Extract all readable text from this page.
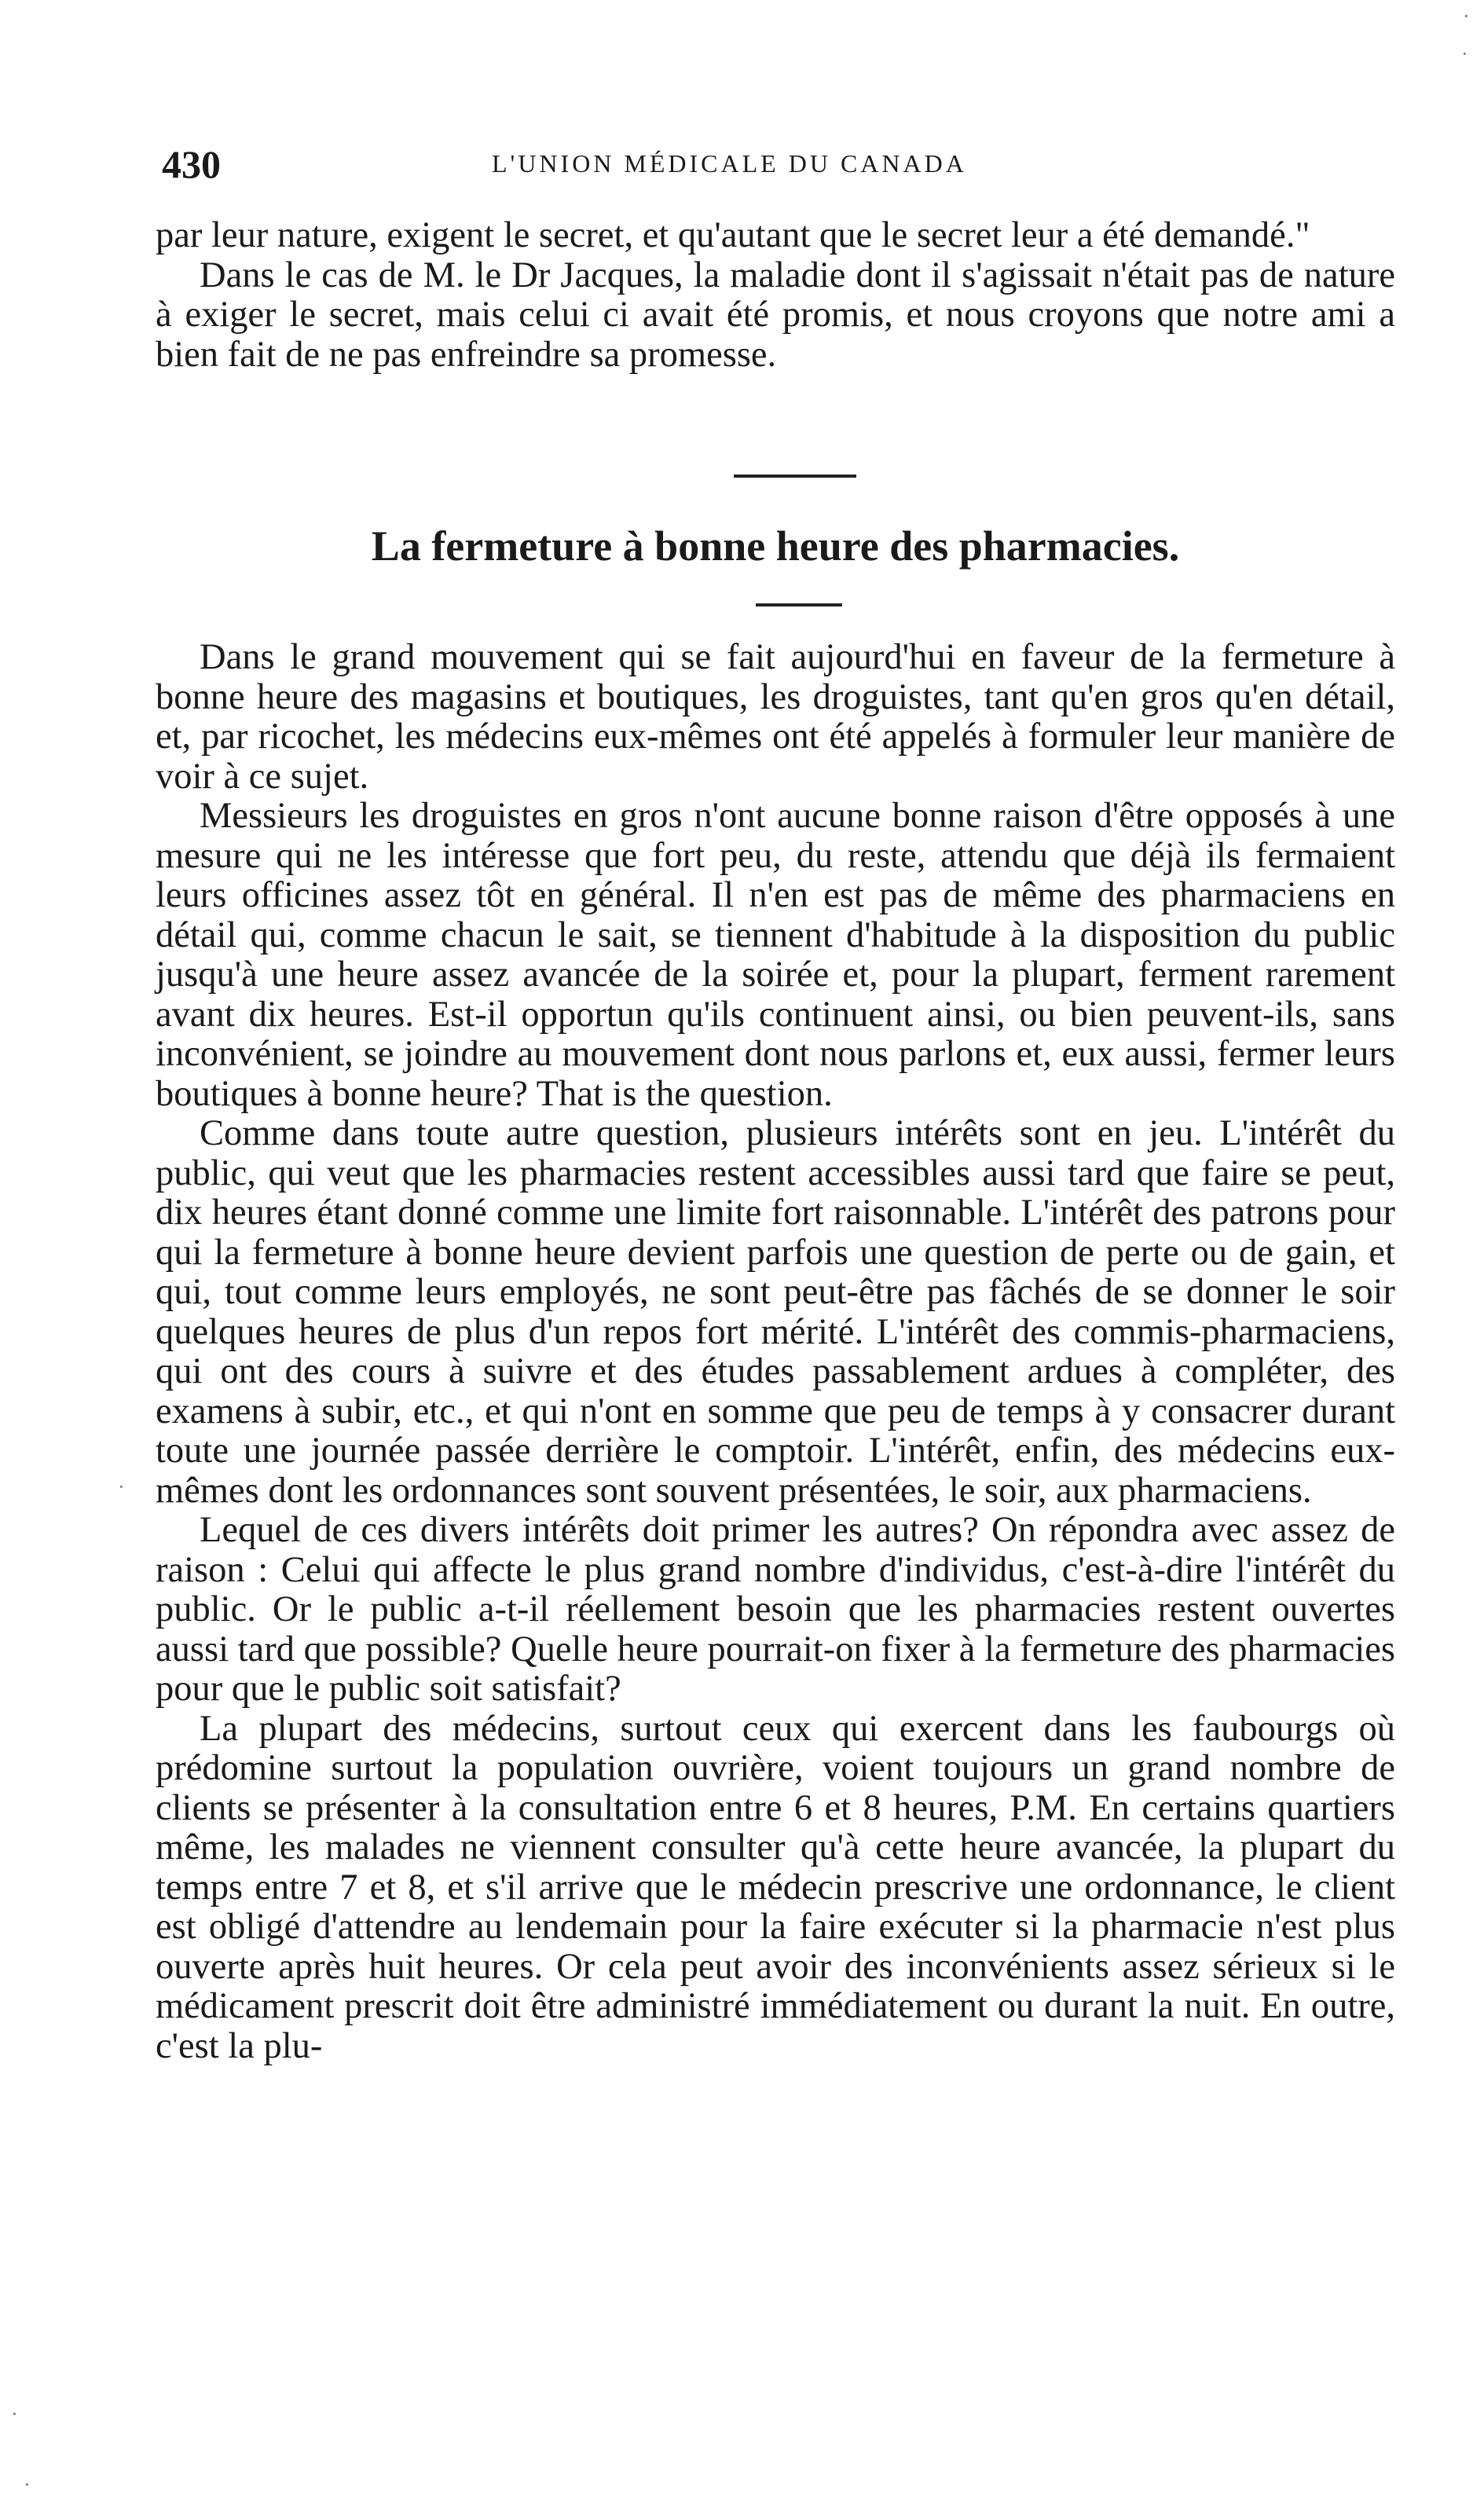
430	L'UNION MÉDICALE DU CANADA

par leur nature, exigent le secret, et qu'autant que le secret leur a été demandé."

Dans le cas de M. le Dr Jacques, la maladie dont il s'agissait n'était pas de nature à exiger le secret, mais celui ci avait été promis, et nous croyons que notre ami a bien fait de ne pas enfreindre sa promesse.

La fermeture à bonne heure des pharmacies.

Dans le grand mouvement qui se fait aujourd'hui en faveur de la fermeture à bonne heure des magasins et boutiques, les droguistes, tant qu'en gros qu'en détail, et, par ricochet, les médecins eux-mêmes ont été appelés à formuler leur manière de voir à ce sujet.

Messieurs les droguistes en gros n'ont aucune bonne raison d'être opposés à une mesure qui ne les intéresse que fort peu, du reste, attendu que déjà ils fermaient leurs officines assez tôt en général. Il n'en est pas de même des pharmaciens en détail qui, comme chacun le sait, se tiennent d'habitude à la disposition du public jusqu'à une heure assez avancée de la soirée et, pour la plupart, ferment rarement avant dix heures. Est-il opportun qu'ils continuent ainsi, ou bien peuvent-ils, sans inconvénient, se joindre au mouvement dont nous parlons et, eux aussi, fermer leurs boutiques à bonne heure? That is the question.

Comme dans toute autre question, plusieurs intérêts sont en jeu. L'intérêt du public, qui veut que les pharmacies restent accessibles aussi tard que faire se peut, dix heures étant donné comme une limite fort raisonnable. L'intérêt des patrons pour qui la fermeture à bonne heure devient parfois une question de perte ou de gain, et qui, tout comme leurs employés, ne sont peut-être pas fâchés de se donner le soir quelques heures de plus d'un repos fort mérité. L'intérêt des commis-pharmaciens, qui ont des cours à suivre et des études passablement ardues à compléter, des examens à subir, etc., et qui n'ont en somme que peu de temps à y consacrer durant toute une journée passée derrière le comptoir. L'intérêt, enfin, des médecins eux-mêmes dont les ordonnances sont souvent présentées, le soir, aux pharmaciens.

Lequel de ces divers intérêts doit primer les autres? On répondra avec assez de raison : Celui qui affecte le plus grand nombre d'individus, c'est-à-dire l'intérêt du public. Or le public a-t-il réellement besoin que les pharmacies restent ouvertes aussi tard que possible? Quelle heure pourrait-on fixer à la fermeture des pharmacies pour que le public soit satisfait?

La plupart des médecins, surtout ceux qui exercent dans les faubourgs où prédomine surtout la population ouvrière, voient toujours un grand nombre de clients se présenter à la consultation entre 6 et 8 heures, P.M. En certains quartiers même, les malades ne viennent consulter qu'à cette heure avancée, la plupart du temps entre 7 et 8, et s'il arrive que le médecin prescrive une ordonnance, le client est obligé d'attendre au lendemain pour la faire exécuter si la pharmacie n'est plus ouverte après huit heures. Or cela peut avoir des inconvénients assez sérieux si le médicament prescrit doit être administré immédiatement ou durant la nuit. En outre, c'est la plu-

·
·
·
·
·
